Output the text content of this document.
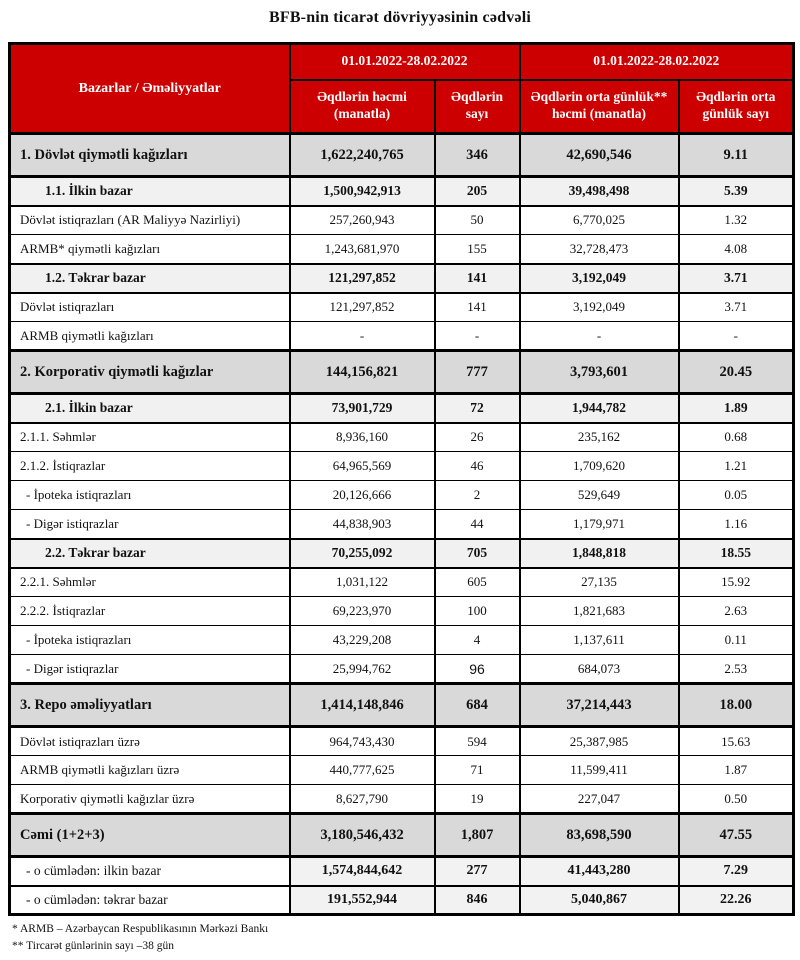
BFB-nin ticarət dövriyyəsinin cədvəli
Bazarlar / Əməliyyatlar	01.01.2022-28.02.2022		01.01.2022-28.02.2022	
	Əqdlərin həcmi (manatla)	Əqdlərin sayı	Əqdlərin orta günlük** həcmi (manatla)	Əqdlərin orta günlük sayı
1. Dövlət qiymətli kağızları	1,622,240,765	346	42,690,546	9.11
1.1. İlkin bazar	1,500,942,913	205	39,498,498	5.39
Dövlət istiqrazları (AR Maliyyə Nazirliyi)	257,260,943	50	6,770,025	1.32
ARMB* qiymətli kağızları	1,243,681,970	155	32,728,473	4.08
1.2. Təkrar bazar	121,297,852	141	3,192,049	3.71
Dövlət istiqrazları	121,297,852	141	3,192,049	3.71
ARMB qiymətli kağızları	-	-	-	-
2. Korporativ qiymətli kağızlar	144,156,821	777	3,793,601	20.45
2.1. İlkin bazar	73,901,729	72	1,944,782	1.89
2.1.1. Səhmlər	8,936,160	26	235,162	0.68
2.1.2. İstiqrazlar	64,965,569	46	1,709,620	1.21
- İpoteka istiqrazları	20,126,666	2	529,649	0.05
- Digər istiqrazlar	44,838,903	44	1,179,971	1.16
2.2. Təkrar bazar	70,255,092	705	1,848,818	18.55
2.2.1. Səhmlər	1,031,122	605	27,135	15.92
2.2.2. İstiqrazlar	69,223,970	100	1,821,683	2.63
- İpoteka istiqrazları	43,229,208	4	1,137,611	0.11
- Digər istiqrazlar	25,994,762	96	684,073	2.53
3. Repo əməliyyatları	1,414,148,846	684	37,214,443	18.00
Dövlət istiqrazları üzrə	964,743,430	594	25,387,985	15.63
ARMB qiymətli kağızları üzrə	440,777,625	71	11,599,411	1.87
Korporativ qiymətli kağızlar üzrə	8,627,790	19	227,047	0.50
Cəmi (1+2+3)	3,180,546,432	1,807	83,698,590	47.55
- o cümlədən: ilkin bazar	1,574,844,642	277	41,443,280	7.29
- o cümlədən: təkrar bazar	191,552,944	846	5,040,867	22.26
* ARMB – Azərbaycan Respublikasının Mərkəzi Bankı
** Tircarət günlərinin sayı –38 gün
